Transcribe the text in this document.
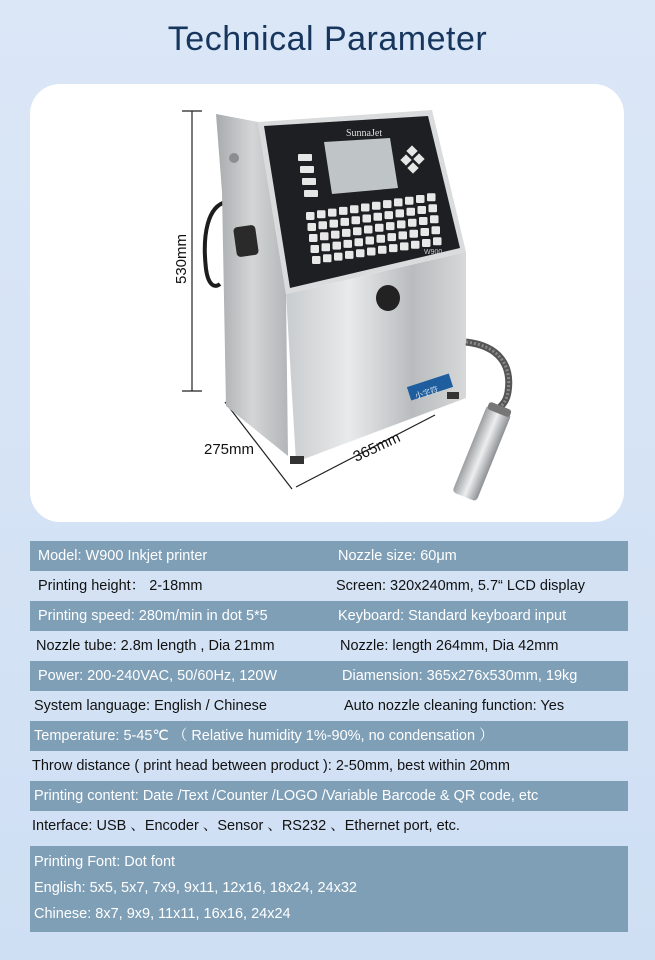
Technical Parameter
530mm
275mm	365mm
小字符
SunnaJet
W900
Model: W900 Inkjet printer	Nozzle size: 60μm
Printing height： 2-18mm	Screen: 320x240mm, 5.7“ LCD display
Printing speed: 280m/min in dot 5*5	Keyboard: Standard keyboard input
Nozzle tube: 2.8m length , Dia 21mm	Nozzle: length 264mm, Dia 42mm
Power: 200-240VAC, 50/60Hz, 120W	Diamension: 365x276x530mm, 19kg
System language: English / Chinese	Auto nozzle cleaning function: Yes
Temperature: 5-45℃ （ Relative humidity 1%-90%, no condensation ）
Throw distance ( print head between product ): 2-50mm, best within 20mm
Printing content: Date /Text /Counter /LOGO /Variable Barcode & QR code, etc
Interface: USB 、Encoder 、Sensor 、RS232 、Ethernet port, etc.
Printing Font: Dot font
English: 5x5, 5x7, 7x9, 9x11, 12x16, 18x24, 24x32
Chinese: 8x7, 9x9, 11x11, 16x16, 24x24
